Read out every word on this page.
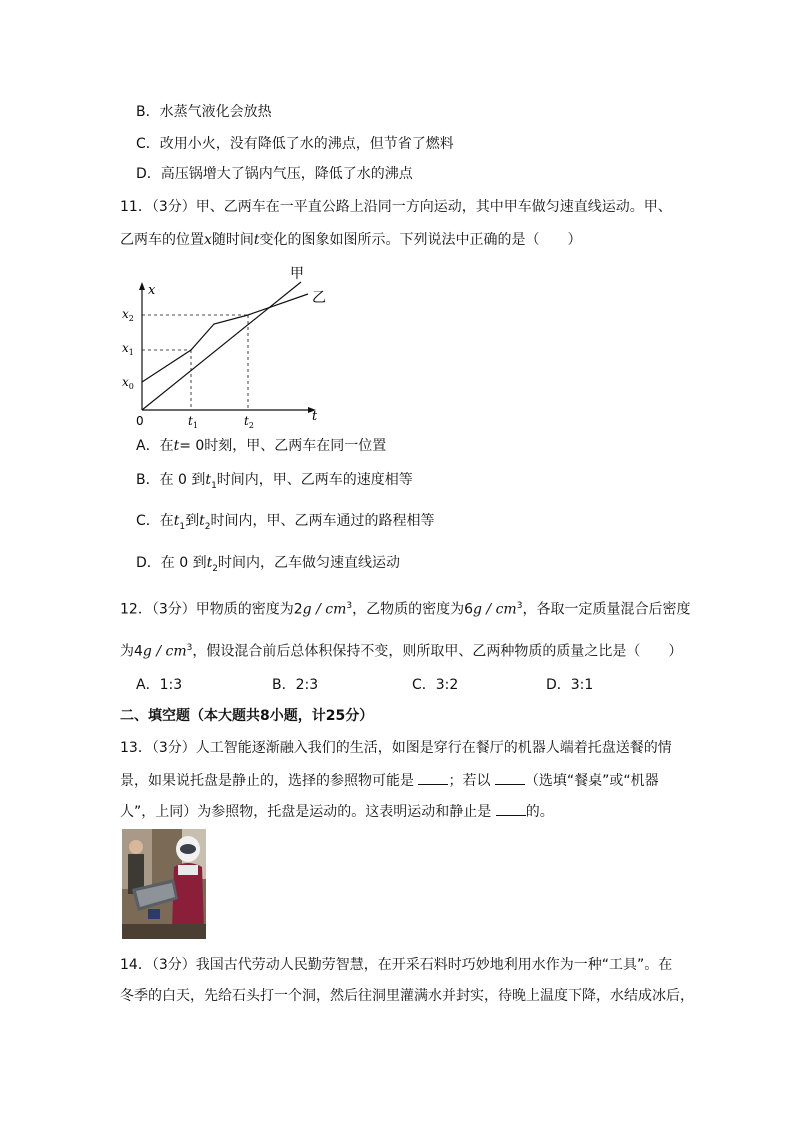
B．水蒸气液化会放热
C．改用小火，没有降低了水的沸点，但节省了燃料
D．高压锅增大了锅内气压，降低了水的沸点
11．（3分）甲、乙两车在一平直公路上沿同一方向运动，其中甲车做匀速直线运动。甲、
乙两车的位置x随时间t变化的图象如图所示。下列说法中正确的是（　　）
甲
乙
x
t
0	$t_1$	$t_2$
$x_0$
$x_1$
$x_2$
A．在t= 0时刻，甲、乙两车在同一位置
B．在 0 到$t_1$时间内，甲、乙两车的速度相等
C．在$t_1$到$t_2$时间内，甲、乙两车通过的路程相等
D．在 0 到$t_2$时间内，乙车做匀速直线运动
12．（3分）甲物质的密度为$2g / cm^3$，乙物质的密度为$6g / cm^3$，各取一定质量混合后密度
为$4g / cm^3$，假设混合前后总体积保持不变，则所取甲、乙两种物质的质量之比是（　　）
A．1:3	B．2:3	C．3:2	D．3:1
二、填空题（本大题共8小题，计25分）
13．（3分）人工智能逐渐融入我们的生活，如图是穿行在餐厅的机器人端着托盘送餐的情
景，如果说托盘是静止的，选择的参照物可能是 ；若以 （选填“餐桌”或“机器
人”，上同）为参照物，托盘是运动的。这表明运动和静止是 的。
14．（3分）我国古代劳动人民勤劳智慧，在开采石料时巧妙地利用水作为一种“工具”。在
冬季的白天，先给石头打一个洞，然后往洞里灌满水并封实，待晚上温度下降，水结成冰后，
